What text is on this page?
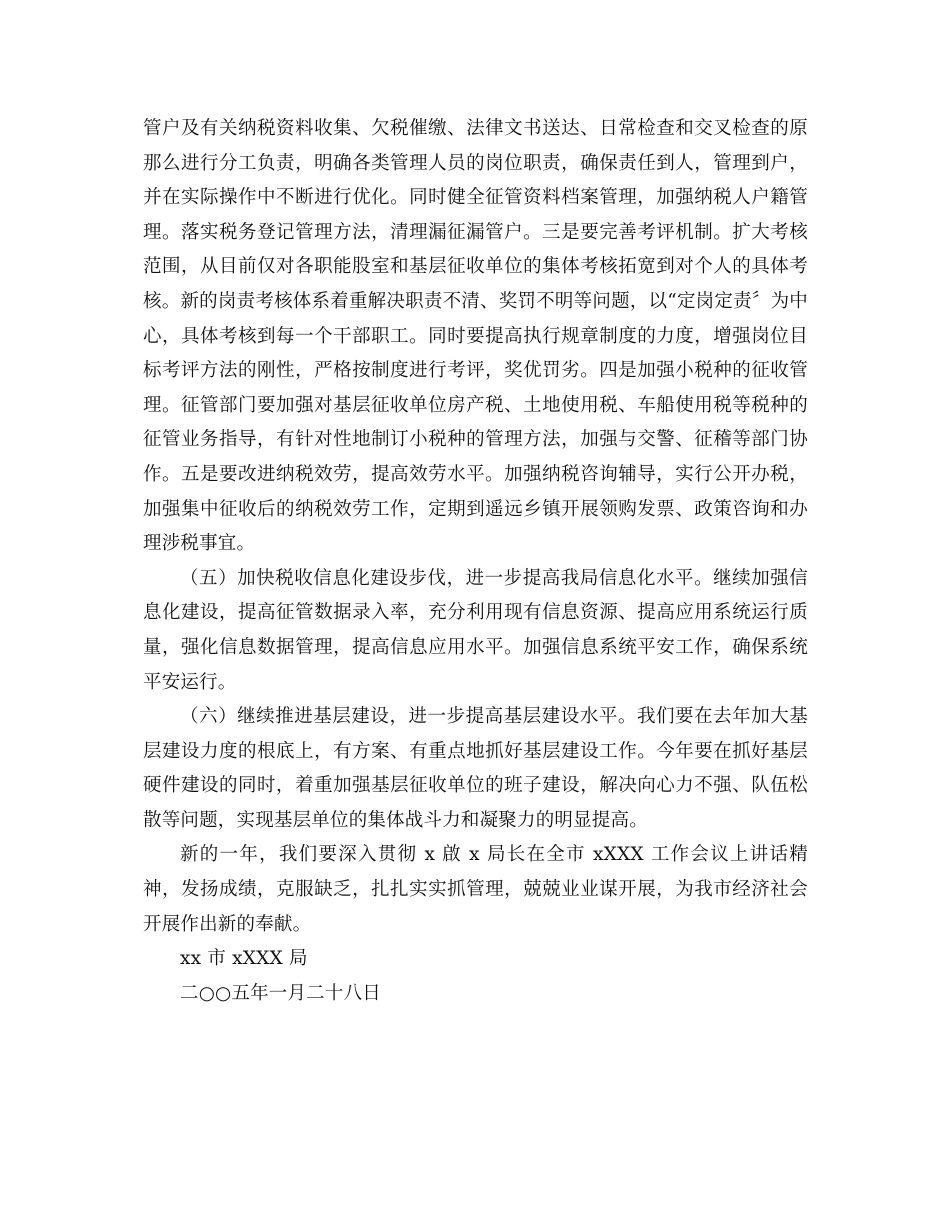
管户及有关纳税资料收集、欠税催缴、法律文书送达、日常检查和交叉检查的原那么进行分工负责，明确各类管理人员的岗位职责，确保责任到人，管理到户，并在实际操作中不断进行优化。同时健全征管资料档案管理，加强纳税人户籍管理。落实税务登记管理方法，清理漏征漏管户。三是要完善考评机制。扩大考核范围，从目前仅对各职能股室和基层征收单位的集体考核拓宽到对个人的具体考核。新的岗责考核体系着重解决职责不清、奖罚不明等问题，以“定岗定责〞为中心，具体考核到每一个干部职工。同时要提高执行规章制度的力度，增强岗位目标考评方法的刚性，严格按制度进行考评，奖优罚劣。四是加强小税种的征收管理。征管部门要加强对基层征收单位房产税、土地使用税、车船使用税等税种的征管业务指导，有针对性地制订小税种的管理方法，加强与交警、征稽等部门协作。五是要改进纳税效劳，提高效劳水平。加强纳税咨询辅导，实行公开办税，加强集中征收后的纳税效劳工作，定期到遥远乡镇开展领购发票、政策咨询和办理涉税事宜。

（五）加快税收信息化建设步伐，进一步提高我局信息化水平。继续加强信息化建设，提高征管数据录入率，充分利用现有信息资源、提高应用系统运行质量，强化信息数据管理，提高信息应用水平。加强信息系统平安工作，确保系统平安运行。

（六）继续推进基层建设，进一步提高基层建设水平。我们要在去年加大基层建设力度的根底上，有方案、有重点地抓好基层建设工作。今年要在抓好基层硬件建设的同时，着重加强基层征收单位的班子建设，解决向心力不强、队伍松散等问题，实现基层单位的集体战斗力和凝聚力的明显提高。

新的一年，我们要深入贯彻 x 啟 x 局长在全市 xXXX 工作会议上讲话精神，发扬成绩，克服缺乏，扎扎实实抓管理，兢兢业业谋开展，为我市经济社会开展作出新的奉献。

xx 市 xXXX 局

二○○五年一月二十八日
